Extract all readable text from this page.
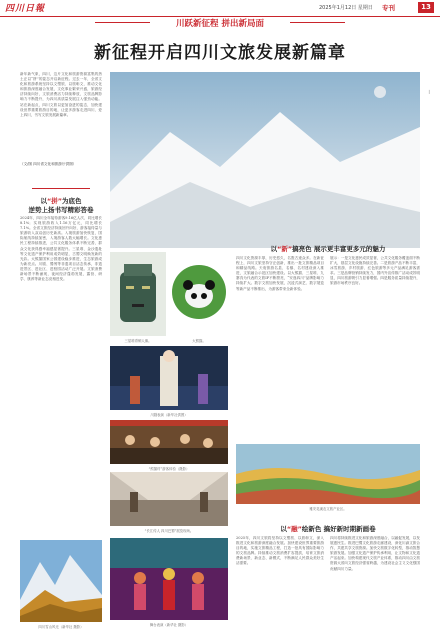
四川日報	2025年1月12日 星期日 专刊	13
川跃新征程 拼出新局面
新征程开启四川文旅发展新篇章
新年新气象，四川，这片文化和旅游资源富集的热土正以“拼”的姿态开启新征程。过去一年，全省文化和旅游系统坚持以文塑旅、以旅彰文，推动文化和旅游深度融合发展，文化事业繁荣兴盛，旅游经济持续向好，文旅消费活力持续释放，文旅品牌影响力不断提升，为四川高质量发展注入强劲动能。站在新起点，四川文旅以更加奋进的姿态，加快建设世界重要旅游目的地，让更多游客走进四川、爱上四川，书写文旅发展新篇章。
（文/图 四川省文化和旅游厅供图）
以“拼”为底色
逆势上扬书写精彩答卷
2024年，四川全年接待游客9.16亿人次，同比增长8.1%；实现旅游收入1.16万亿元，同比增长7.1%。全省文旅经济持续回升向好，游客接待量与旅游收入双双创历史新高。入境旅游加快恢复，国际航线持续加密，入境游客人数大幅增长。文化惠民工程持续推进，公共文化服务体系不断完善，群众文化获得感幸福感显著提升。三星堆、金沙遗址等文化遗产保护利用成效明显，古蜀文明焕发新的光彩。大熊猫国家公园建设稳步推进，生态旅游成为新亮点。川剧、蜀绣等非遗项目活态传承，非遗进景区、进社区、进校园活动广泛开展。文旅消费新场景不断涌现，夜间经济蓬勃发展，露营、研学、康养等新业态竞相迸发。
四川雪山风光（新华社 摄影）
▕
三星堆青铜人像。	大熊猫。
川剧表演（新华社供图）
“熊猫村”游客体验（摄影）
以“新”搞亮色 展示更丰富更多元的魅力
四川文化资源丰厚，历史悠久，名胜古迹众多。在新征程上，四川文旅坚持守正创新，推出一批文旅精品项目和精品线路。天府旅游名县、名镇、名村建设深入推进，文旅融合示范区加快建设。以大熊猫、三星堆、九寨沟为代表的文旅IP不断擦亮，“安逸四川”品牌影响力持续扩大。数字文旅加快发展，沉浸式演艺、数字展览等新产品不断推出，为游客带来全新体验。
展示：一是文化惠民成效显著，公共文化服务覆盖面不断扩大，基层文化设施持续完善。二是旅游产品不断丰富，冰雪旅游、乡村旅游、红色旅游等多元产品满足游客需求。三是品牌营销持续发力，国内外宣传推广活动成效明显，四川旅游吸引力显著增强。四是服务质量持续提升，旅游市场秩序良好。
雅安花溪农文旅产业区。
以“融”绘新色 搞好新时期新画卷
“长江传人 四川巴蜀”展览现场。
舞台表演（新华社 摄影）
2025年，四川文旅将坚持以文塑旅、以旅彰文，深入推进文化和旅游深度融合发展。加快建设世界重要旅游目的地，实施文旅精品工程，打造一批具有国际影响力的文旅品牌。持续推动文旅消费扩容提质，培育文旅消费新场景、新业态、新模式，不断满足人民群众美好生活需要。
四川将持续推进文化和旅游深度融合，以融促发展，以发展惠民生。推进巴蜀文化旅游走廊建设，深化川渝文旅合作，共建共享文旅资源。加快文旅数字化转型，推动智慧旅游发展。加强文化遗产保护传承利用，让文物和文化遗产活起来。加快构建现代文旅产业体系，推动四川由文旅资源大省向文旅经济强省跨越，为建设社会主义文化强国贡献四川力量。
